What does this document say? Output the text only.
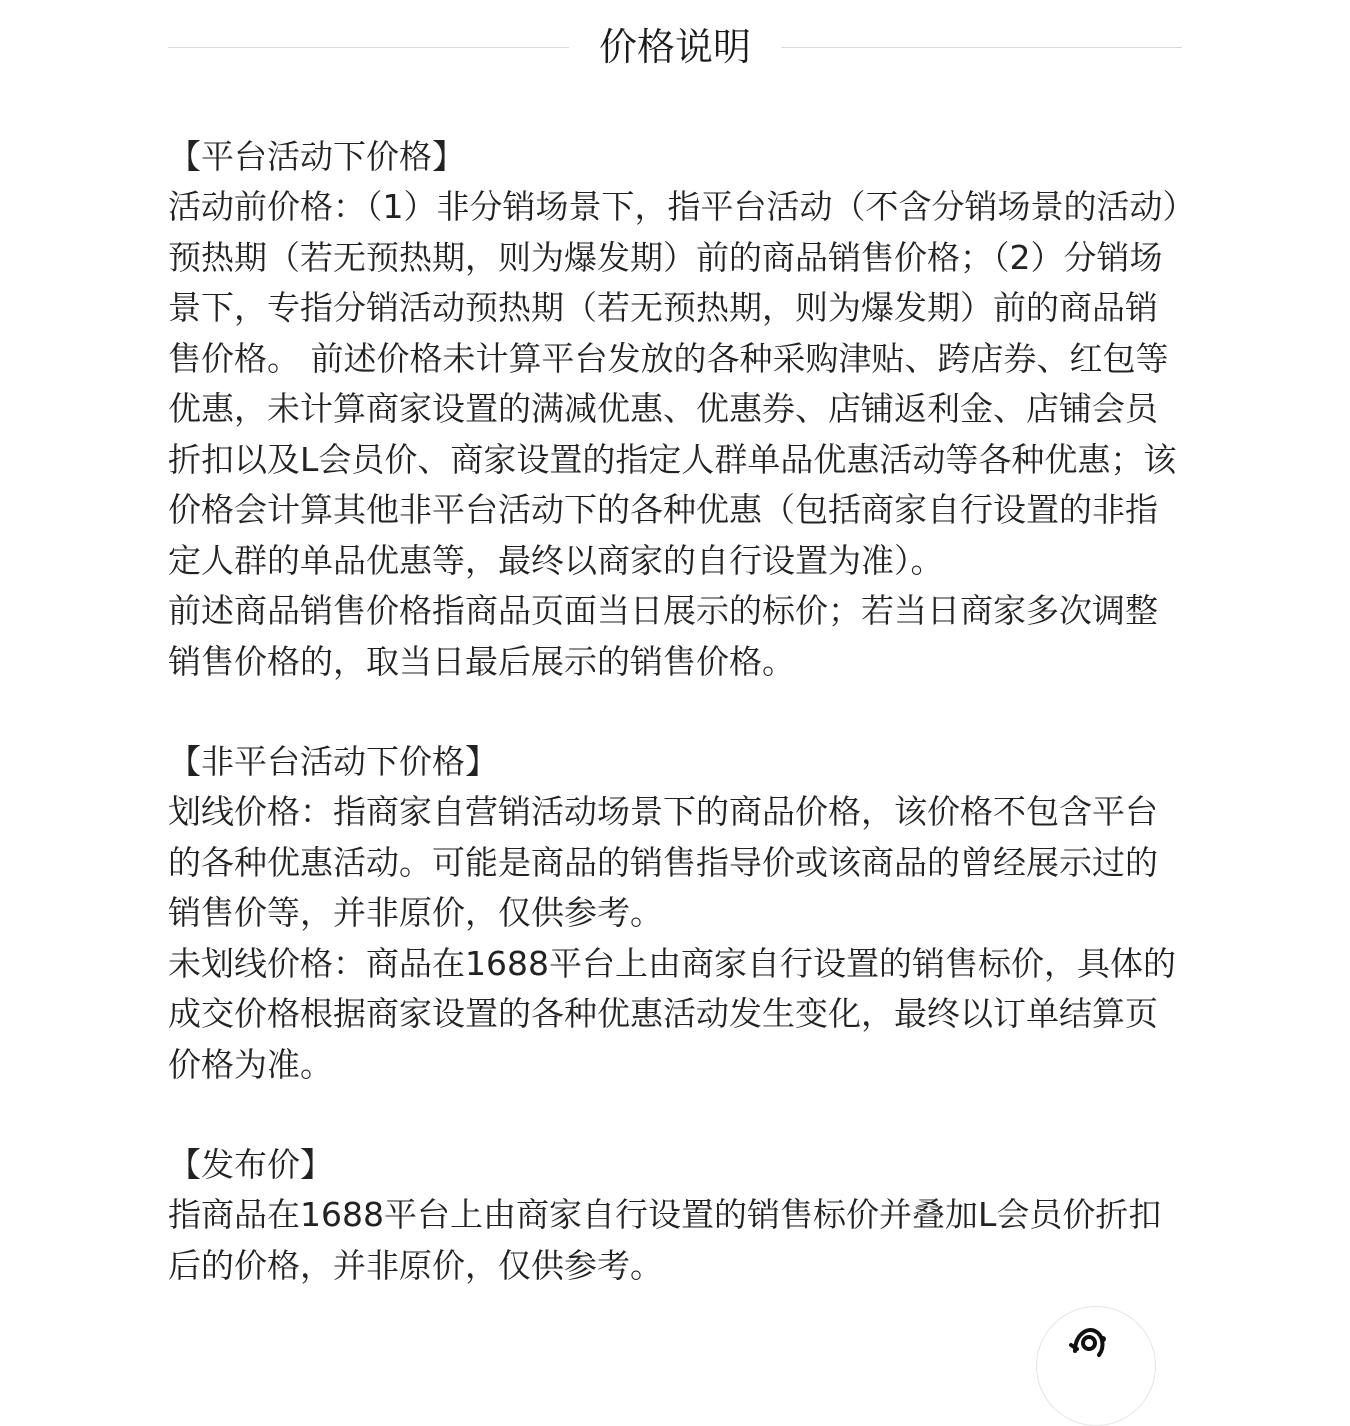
价格说明

【平台活动下价格】

活动前价格：（1）非分销场景下，指平台活动（不含分销场景的活动）预热期（若无预热期，则为爆发期）前的商品销售价格；（2）分销场景下，专指分销活动预热期（若无预热期，则为爆发期）前的商品销售价格。 前述价格未计算平台发放的各种采购津贴、跨店券、红包等优惠，未计算商家设置的满减优惠、优惠券、店铺返利金、店铺会员折扣以及L会员价、商家设置的指定人群单品优惠活动等各种优惠；该价格会计算其他非平台活动下的各种优惠（包括商家自行设置的非指定人群的单品优惠等，最终以商家的自行设置为准）。

前述商品销售价格指商品页面当日展示的标价；若当日商家多次调整销售价格的，取当日最后展示的销售价格。

【非平台活动下价格】

划线价格：指商家自营销活动场景下的商品价格，该价格不包含平台的各种优惠活动。可能是商品的销售指导价或该商品的曾经展示过的销售价等，并非原价，仅供参考。

未划线价格：商品在1688平台上由商家自行设置的销售标价，具体的成交价格根据商家设置的各种优惠活动发生变化，最终以订单结算页价格为准。

【发布价】

指商品在1688平台上由商家自行设置的销售标价并叠加L会员价折扣后的价格，并非原价，仅供参考。
